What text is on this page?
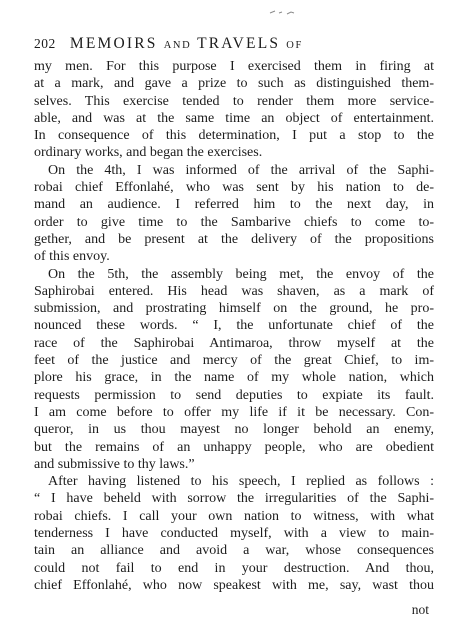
202 MEMOIRS AND TRAVELS OF
my men. For this purpose I exercised them in firing at
at a mark, and gave a prize to such as distinguished them-
selves. This exercise tended to render them more service-
able, and was at the same time an object of entertainment.
In consequence of this determination, I put a stop to the
ordinary works, and began the exercises.
On the 4th, I was informed of the arrival of the Saphi-
robai chief Effonlahé, who was sent by his nation to de-
mand an audience. I referred him to the next day, in
order to give time to the Sambarive chiefs to come to-
gether, and be present at the delivery of the propositions
of this envoy.
On the 5th, the assembly being met, the envoy of the
Saphirobai entered. His head was shaven, as a mark of
submission, and prostrating himself on the ground, he pro-
nounced these words. “ I, the unfortunate chief of the
race of the Saphirobai Antimaroa, throw myself at the
feet of the justice and mercy of the great Chief, to im-
plore his grace, in the name of my whole nation, which
requests permission to send deputies to expiate its fault.
I am come before to offer my life if it be necessary. Con-
queror, in us thou mayest no longer behold an enemy,
but the remains of an unhappy people, who are obedient
and submissive to thy laws.”
After having listened to his speech, I replied as follows :
“ I have beheld with sorrow the irregularities of the Saphi-
robai chiefs. I call your own nation to witness, with what
tenderness I have conducted myself, with a view to main-
tain an alliance and avoid a war, whose consequences
could not fail to end in your destruction. And thou,
chief Effonlahé, who now speakest with me, say, wast thou
not
